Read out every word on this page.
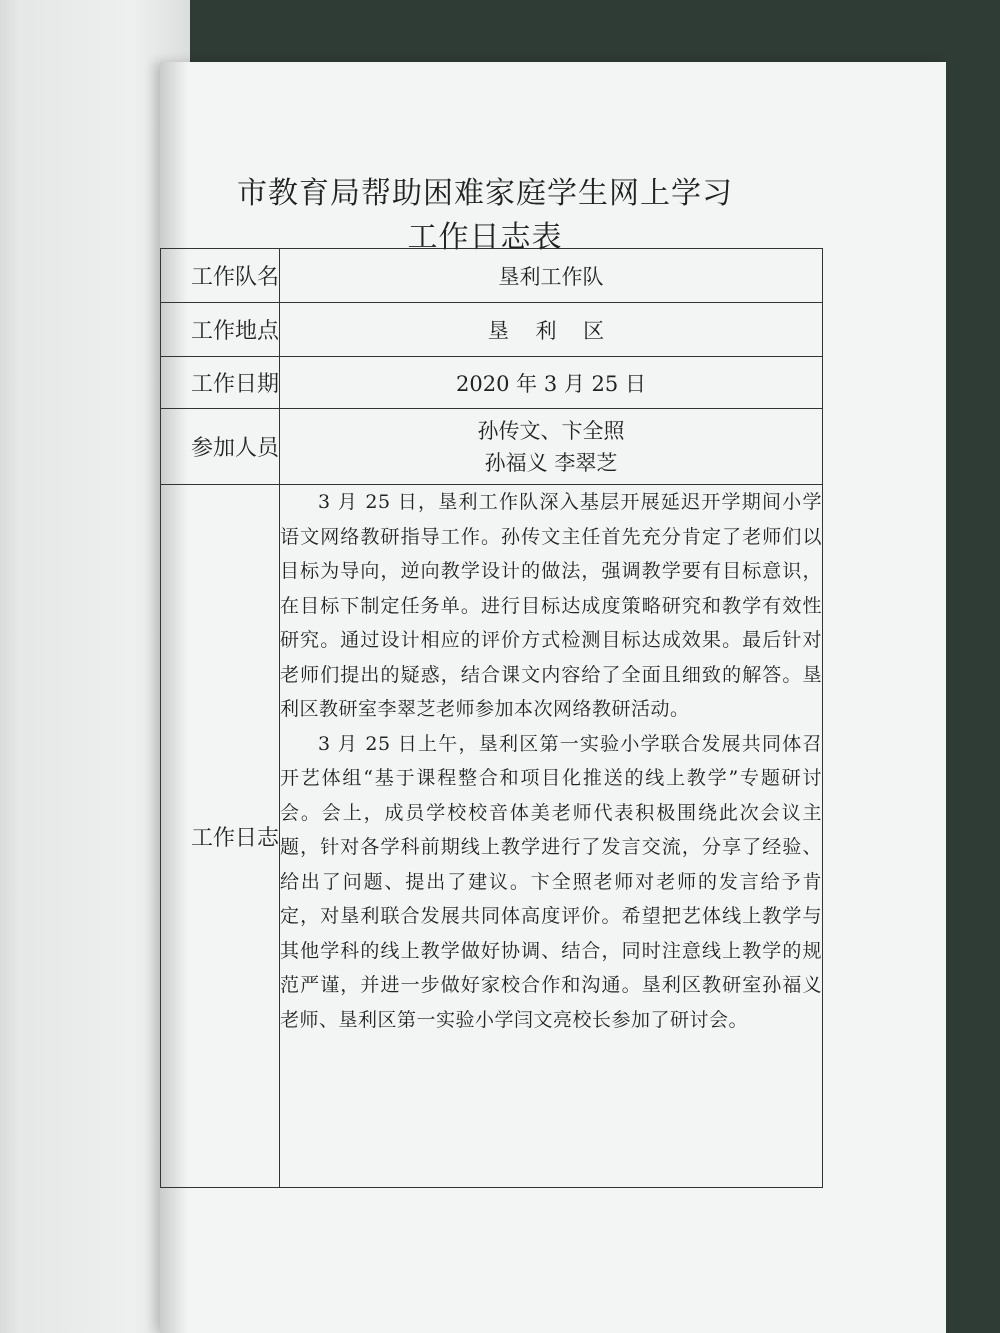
市教育局帮助困难家庭学生网上学习
工作日志表
工作队名	垦利工作队
工作地点	垦 利 区
工作日期	2020 年 3 月 25 日
参加人员	孙传文、卞全照
孙福义 李翠芝

工作日志	3 月 25 日，垦利工作队深入基层开展延迟开学期间小学语文网络教研指导工作。孙传文主任首先充分肯定了老师们以目标为导向，逆向教学设计的做法，强调教学要有目标意识，在目标下制定任务单。进行目标达成度策略研究和教学有效性研究。通过设计相应的评价方式检测目标达成效果。最后针对老师们提出的疑惑，结合课文内容给了全面且细致的解答。垦利区教研室李翠芝老师参加本次网络教研活动。

3 月 25 日上午，垦利区第一实验小学联合发展共同体召开艺体组“基于课程整合和项目化推送的线上教学”专题研讨会。会上，成员学校校音体美老师代表积极围绕此次会议主题，针对各学科前期线上教学进行了发言交流，分享了经验、给出了问题、提出了建议。卞全照老师对老师的发言给予肯定，对垦利联合发展共同体高度评价。希望把艺体线上教学与其他学科的线上教学做好协调、结合，同时注意线上教学的规范严谨，并进一步做好家校合作和沟通。垦利区教研室孙福义老师、垦利区第一实验小学闫文亮校长参加了研讨会。
